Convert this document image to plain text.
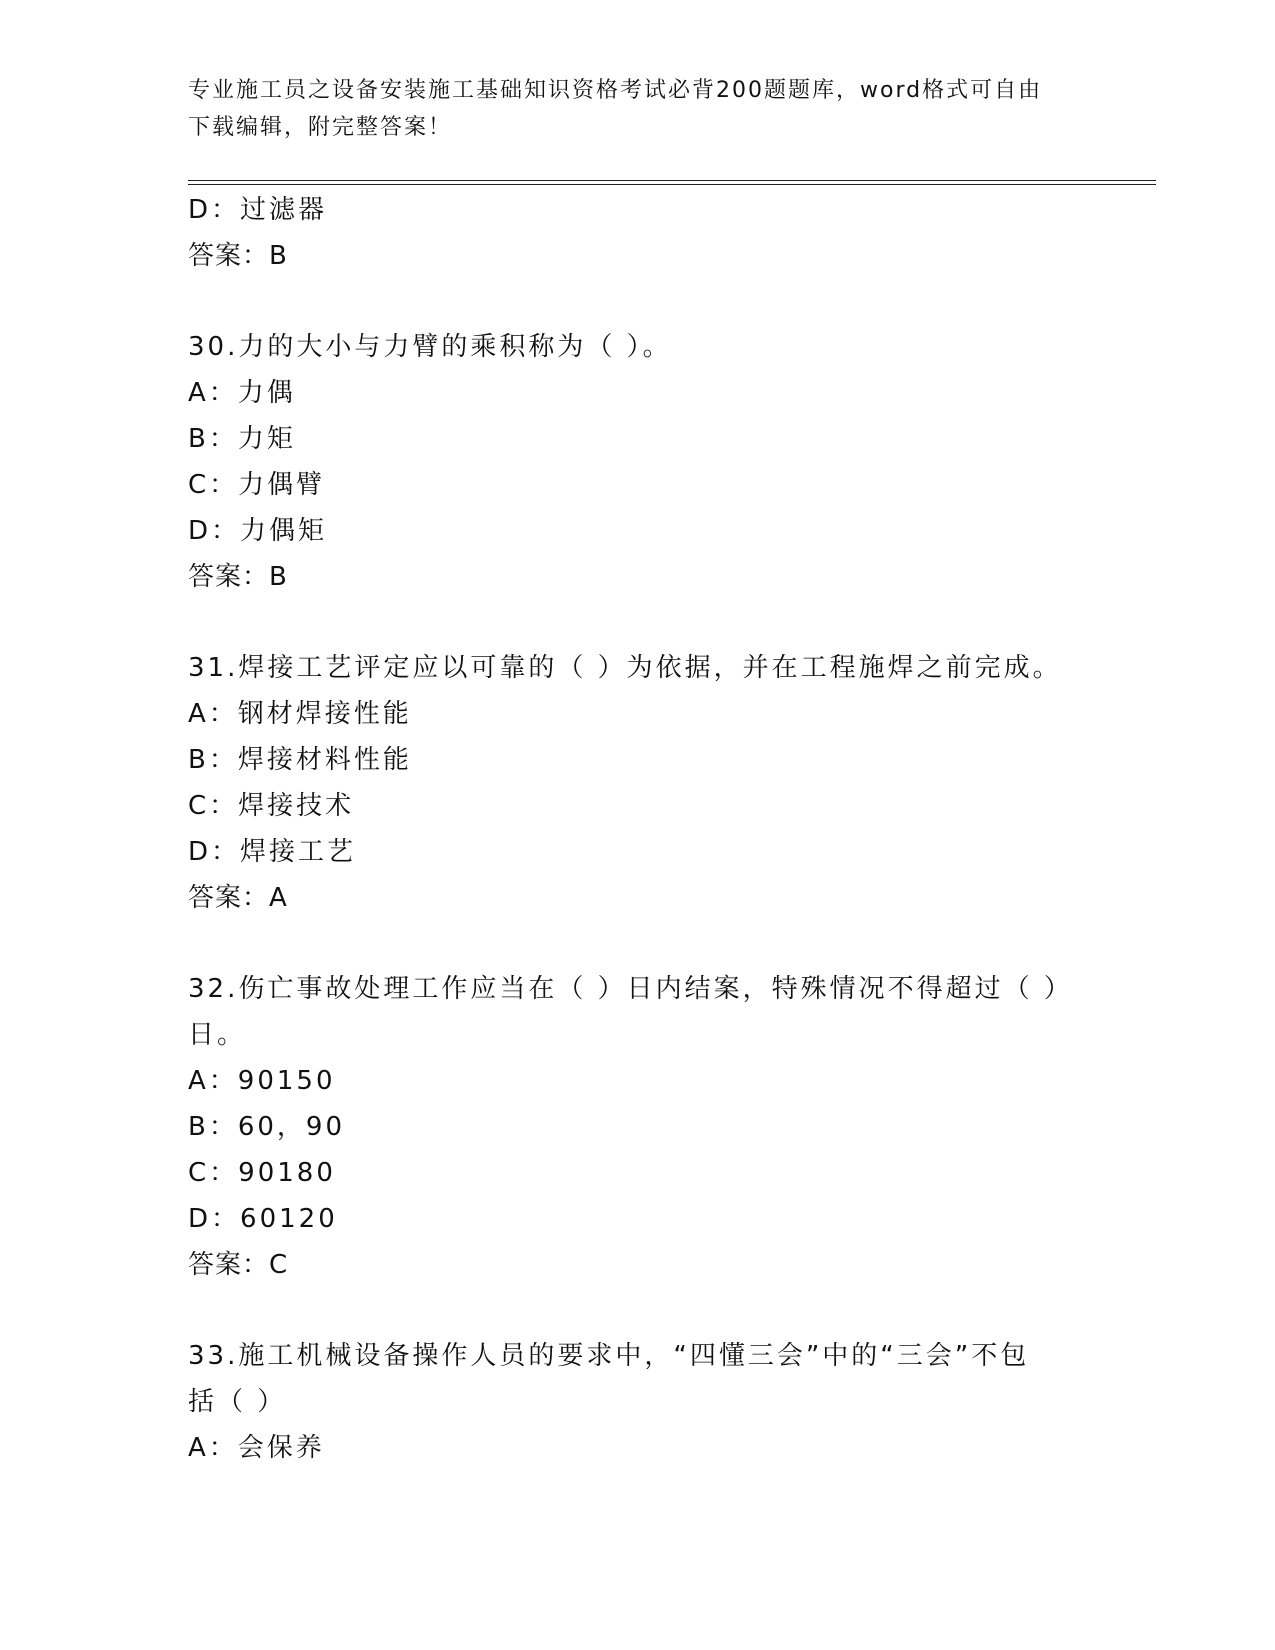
专业施工员之设备安装施工基础知识资格考试必背200题题库，word格式可自由
下载编辑，附完整答案！
D：过滤器
答案：B
30.力的大小与力臂的乘积称为（ ）。
A：力偶
B：力矩
C：力偶臂
D：力偶矩
答案：B
31.焊接工艺评定应以可靠的（ ）为依据，并在工程施焊之前完成。
A：钢材焊接性能
B：焊接材料性能
C：焊接技术
D：焊接工艺
答案：A
32.伤亡事故处理工作应当在（ ）日内结案，特殊情况不得超过（ ）
日。
A：90150
B：60，90
C：90180
D：60120
答案：C
33.施工机械设备操作人员的要求中，“四懂三会”中的“三会”不包
括（ ）
A：会保养
